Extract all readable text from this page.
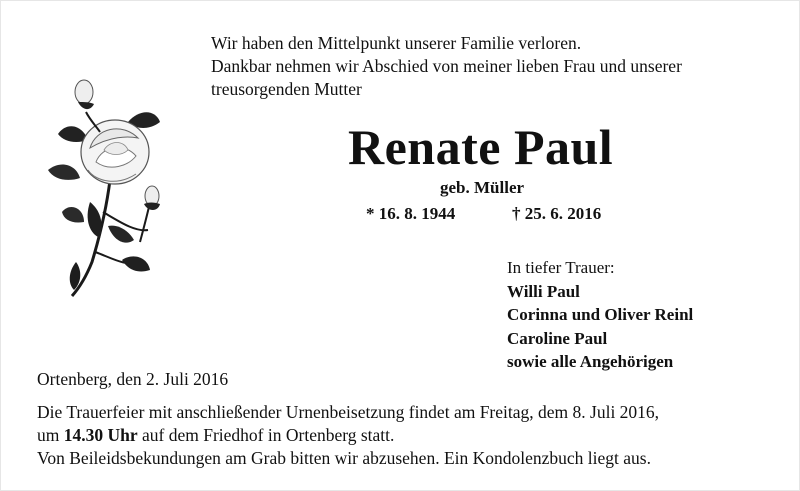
Wir haben den Mittelpunkt unserer Familie verloren.
Dankbar nehmen wir Abschied von meiner lieben Frau und unserer
treusorgenden Mutter
Renate Paul
geb. Müller
* 16. 8. 1944	† 25. 6. 2016
In tiefer Trauer:
Willi Paul
Corinna und Oliver Reinl
Caroline Paul
sowie alle Angehörigen
Ortenberg, den 2. Juli 2016
Die Trauerfeier mit anschließender Urnenbeisetzung findet am Freitag, dem 8. Juli 2016,
um 14.30 Uhr auf dem Friedhof in Ortenberg statt.
Von Beileidsbekundungen am Grab bitten wir abzusehen. Ein Kondolenzbuch liegt aus.
